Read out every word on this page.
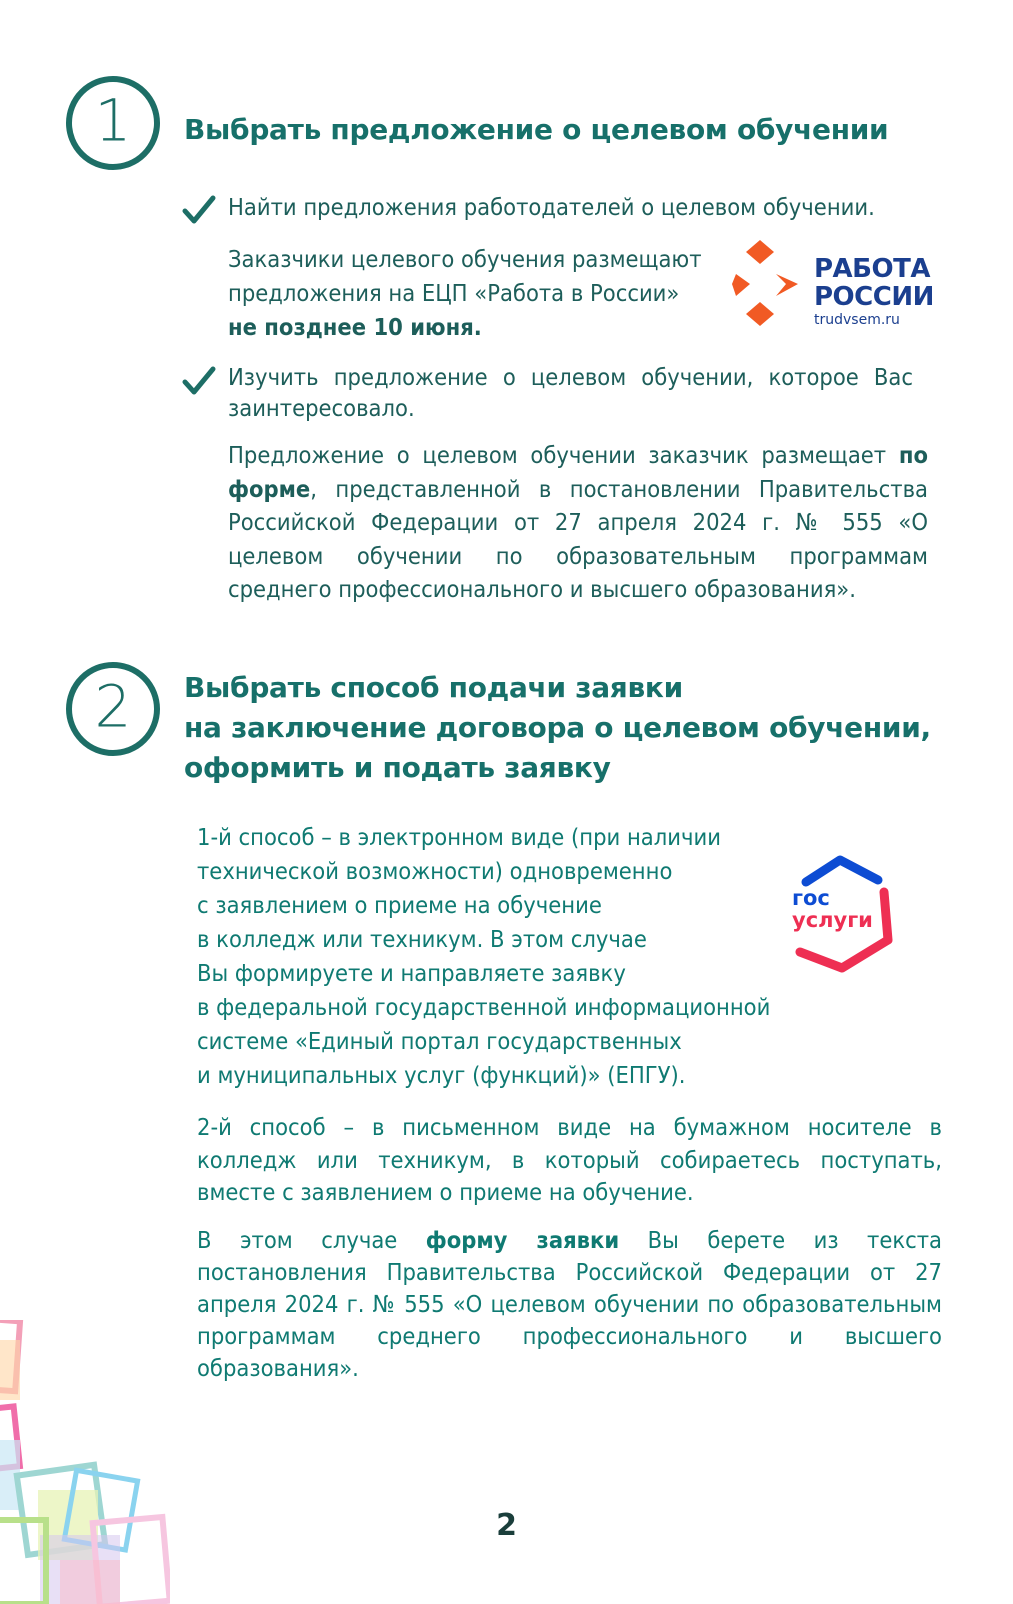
1	Выбрать предложение о целевом обучении
Найти предложения работодателей о целевом обучении.
Заказчики целевого обучения размещают
предложения на ЕЦП «Работа в России»
не позднее 10 июня.
РАБОТА
РОССИИ
trudvsem.ru
Изучить предложение о целевом обучении, которое Вас заинтересовало.
Предложение о целевом обучении заказчик размещает по форме, представленной в постановлении Правительства Российской Федерации от 27 апреля 2024 г. № 555 «О целевом обучении по образовательным программам среднего профессионального и высшего образования».
2	Выбрать способ подачи заявки
на заключение договора о целевом обучении,
оформить и подать заявку
1-й способ – в электронном виде (при наличии
технической возможности) одновременно
с заявлением о приеме на обучение
в колледж или техникум. В этом случае
Вы формируете и направляете заявку
в федеральной государственной информационной
системе «Единый портал государственных
и муниципальных услуг (функций)» (ЕПГУ).
гос
услуги
2-й способ – в письменном виде на бумажном носителе в колледж или техникум, в который собираетесь поступать, вместе с заявлением о приеме на обучение.
В этом случае форму заявки Вы берете из текста постановления Правительства Российской Федерации от 27 апреля 2024 г. № 555 «О целевом обучении по образовательным программам среднего профессионального и высшего образования».
2
